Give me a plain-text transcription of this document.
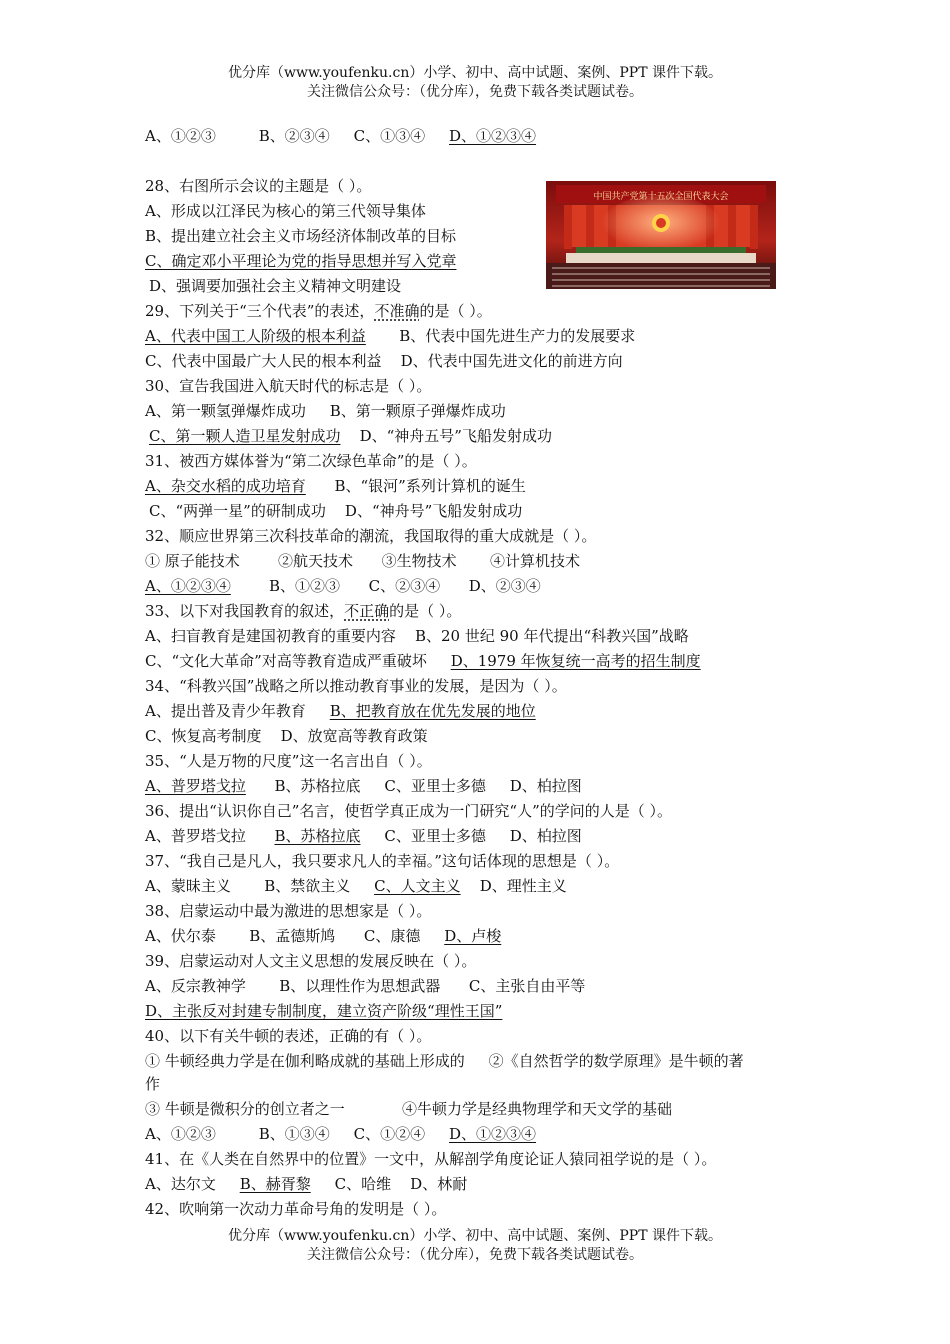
优分库（www.youfenku.cn）小学、初中、高中试题、案例、PPT 课件下载。
关注微信公众号：（优分库），免费下载各类试题试卷。
A、①②③	B、②③④ C、①③④ D、①②③④
28、右图所示会议的主题是（ ）。
A、形成以江泽民为核心的第三代领导集体
B、提出建立社会主义市场经济体制改革的目标
C、确定邓小平理论为党的指导思想并写入党章
D、强调要加强社会主义精神文明建设
中国共产党第十五次全国代表大会
29、下列关于“三个代表”的表述，不准确的是（ ）。
A、代表中国工人阶级的根本利益 B、代表中国先进生产力的发展要求
C、代表中国最广大人民的根本利益 D、代表中国先进文化的前进方向
30、宣告我国进入航天时代的标志是（ ）。
A、第一颗氢弹爆炸成功 B、第一颗原子弹爆炸成功
C、第一颗人造卫星发射成功 D、“神舟五号”飞船发射成功
31、被西方媒体誉为“第二次绿色革命”的是（ ）。
A、杂交水稻的成功培育 B、“银河”系列计算机的诞生
C、“两弹一星”的研制成功 D、“神舟号”飞船发射成功
32、顺应世界第三次科技革命的潮流，我国取得的重大成就是（ ）。
① 原子能技术	②航天技术 ③生物技术 ④计算机技术
A、①②③④	B、①②③ C、②③④ D、②③④
33、以下对我国教育的叙述，不正确的是（ ）。
A、扫盲教育是建国初教育的重要内容 B、20 世纪 90 年代提出“科教兴国”战略
C、“文化大革命”对高等教育造成严重破坏 D、1979 年恢复统一高考的招生制度
34、“科教兴国”战略之所以推动教育事业的发展，是因为（ ）。
A、提出普及青少年教育 B、把教育放在优先发展的地位
C、恢复高考制度 D、放宽高等教育政策
35、“人是万物的尺度”这一名言出自（ ）。
A、普罗塔戈拉 B、苏格拉底 C、亚里士多德 D、柏拉图
36、提出“认识你自己”名言，使哲学真正成为一门研究“人”的学问的人是（ ）。
A、普罗塔戈拉 B、苏格拉底 C、亚里士多德 D、柏拉图
37、“我自己是凡人，我只要求凡人的幸福。”这句话体现的思想是（ ）。
A、蒙昧主义 B、禁欲主义 C、人文主义 D、理性主义
38、启蒙运动中最为激进的思想家是（ ）。
A、伏尔泰 B、孟德斯鸠 C、康德 D、卢梭
39、启蒙运动对人文主义思想的发展反映在（ ）。
A、反宗教神学 B、以理性作为思想武器 C、主张自由平等
D、主张反对封建专制制度，建立资产阶级“理性王国”
40、以下有关牛顿的表述，正确的有（ ）。
① 牛顿经典力学是在伽利略成就的基础上形成的 ②《自然哲学的数学原理》是牛顿的著
作
③ 牛顿是微积分的创立者之一	④牛顿力学是经典物理学和天文学的基础
A、①②③	B、①③④ C、①②④ D、①②③④
41、在《人类在自然界中的位置》一文中，从解剖学角度论证人猿同祖学说的是（ ）。
A、达尔文 B、赫胥黎 C、哈维 D、林耐
42、吹响第一次动力革命号角的发明是（ ）。
优分库（www.youfenku.cn）小学、初中、高中试题、案例、PPT 课件下载。
关注微信公众号：（优分库），免费下载各类试题试卷。
